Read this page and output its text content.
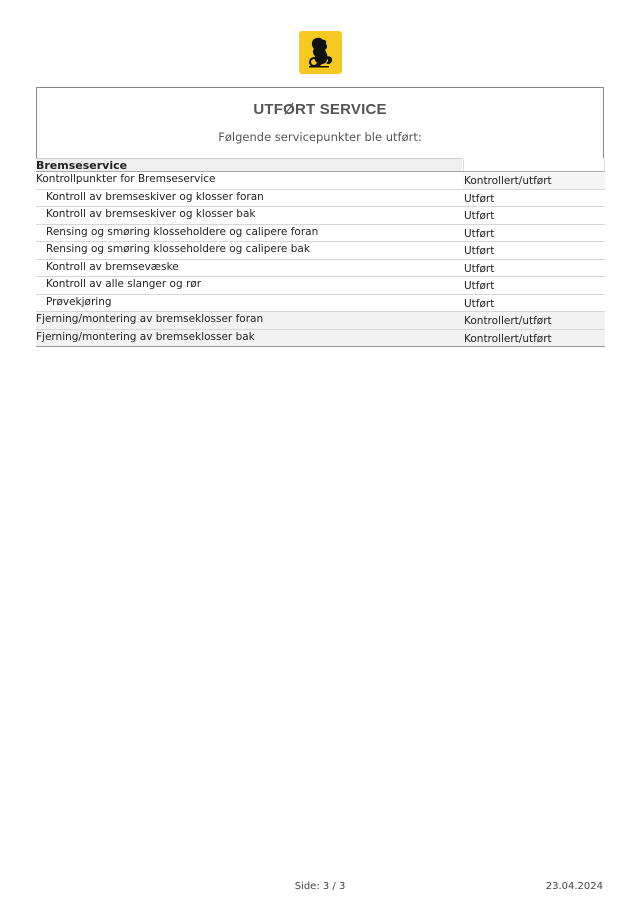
UTFØRT SERVICE
Følgende servicepunkter ble utført:
Bremseservice
Kontrollpunkter for Bremseservice	Kontrollert/utført
Kontroll av bremseskiver og klosser foran	Utført
Kontroll av bremseskiver og klosser bak	Utført
Rensing og smøring klosseholdere og calipere foran	Utført
Rensing og smøring klosseholdere og calipere bak	Utført
Kontroll av bremsevæske	Utført
Kontroll av alle slanger og rør	Utført
Prøvekjøring	Utført
Fjerning/montering av bremseklosser foran	Kontrollert/utført
Fjerning/montering av bremseklosser bak	Kontrollert/utført
Side: 3 / 3	23.04.2024
